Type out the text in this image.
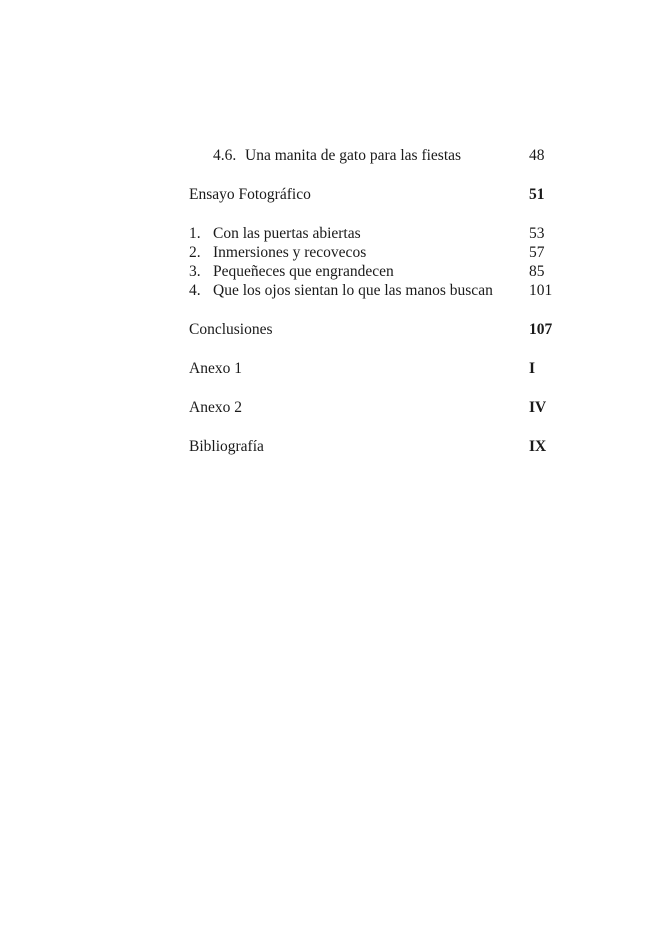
4.6. Una manita de gato para las fiestas	48
Ensayo Fotográfico	51
1. Con las puertas abiertas	53
2. Inmersiones y recovecos	57
3. Pequeñeces que engrandecen	85
4. Que los ojos sientan lo que las manos buscan 101
Conclusiones	107
Anexo 1	I
Anexo 2	IV
Bibliografía	IX
